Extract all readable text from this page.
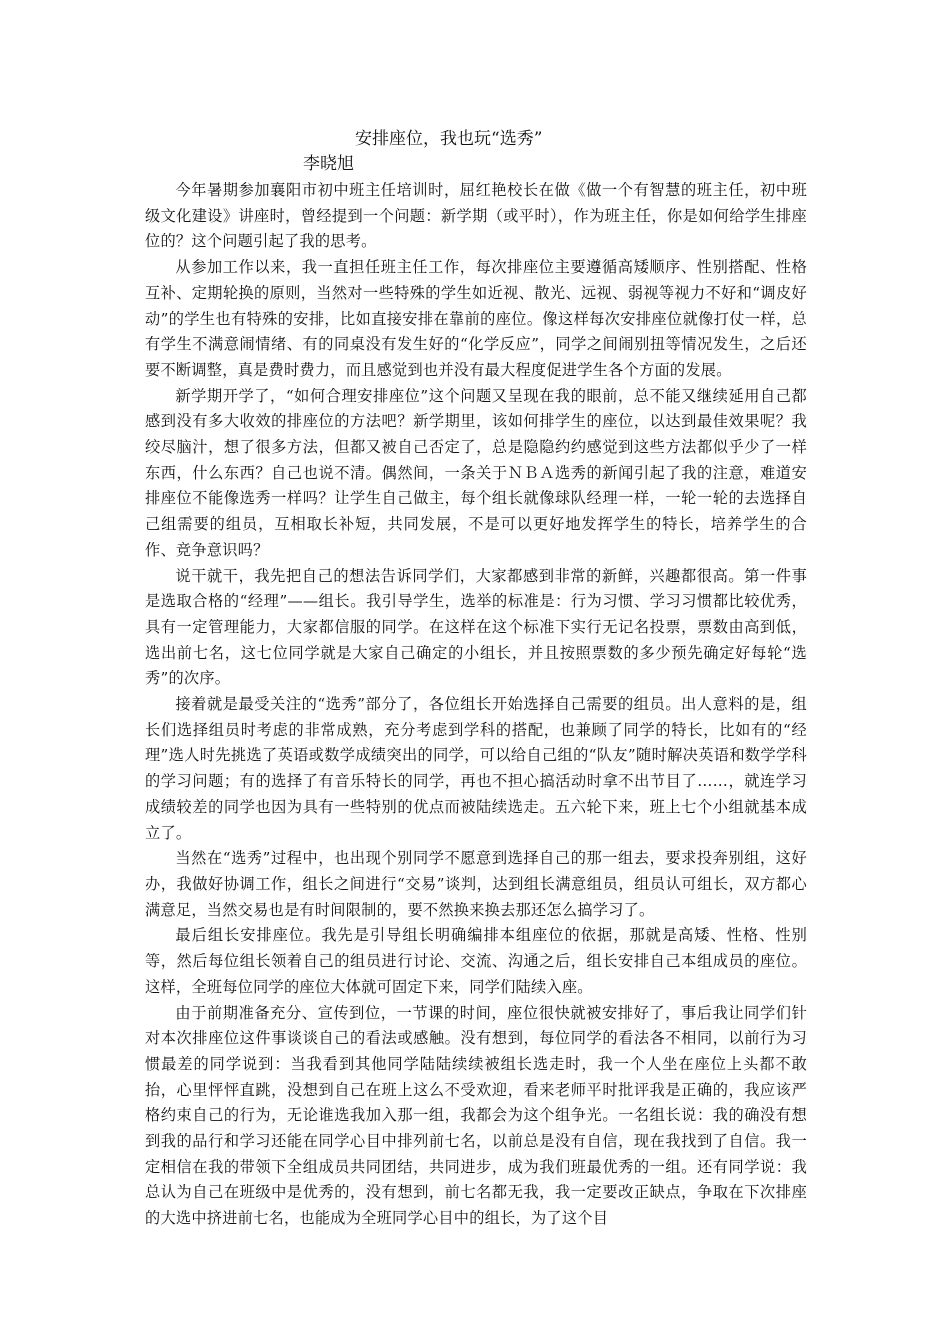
安排座位，我也玩“选秀”
李晓旭

今年暑期参加襄阳市初中班主任培训时，屈红艳校长在做《做一个有智慧的班主任，初中班级文化建设》讲座时，曾经提到一个问题：新学期（或平时），作为班主任，你是如何给学生排座位的？这个问题引起了我的思考。

从参加工作以来，我一直担任班主任工作，每次排座位主要遵循高矮顺序、性别搭配、性格互补、定期轮换的原则，当然对一些特殊的学生如近视、散光、远视、弱视等视力不好和“调皮好动”的学生也有特殊的安排，比如直接安排在靠前的座位。像这样每次安排座位就像打仗一样，总有学生不满意闹情绪、有的同桌没有发生好的“化学反应”，同学之间闹别扭等情况发生，之后还要不断调整，真是费时费力，而且感觉到也并没有最大程度促进学生各个方面的发展。

新学期开学了，“如何合理安排座位”这个问题又呈现在我的眼前，总不能又继续延用自己都感到没有多大收效的排座位的方法吧？新学期里，该如何排学生的座位，以达到最佳效果呢？我绞尽脑汁，想了很多方法，但都又被自己否定了，总是隐隐约约感觉到这些方法都似乎少了一样东西，什么东西？自己也说不清。偶然间，一条关于ＮＢＡ选秀的新闻引起了我的注意，难道安排座位不能像选秀一样吗？让学生自己做主，每个组长就像球队经理一样，一轮一轮的去选择自己组需要的组员，互相取长补短，共同发展，不是可以更好地发挥学生的特长，培养学生的合作、竞争意识吗？

说干就干，我先把自己的想法告诉同学们，大家都感到非常的新鲜，兴趣都很高。第一件事是选取合格的“经理”——组长。我引导学生，选举的标准是：行为习惯、学习习惯都比较优秀，具有一定管理能力，大家都信服的同学。在这样在这个标准下实行无记名投票，票数由高到低，选出前七名，这七位同学就是大家自己确定的小组长，并且按照票数的多少预先确定好每轮“选秀”的次序。

接着就是最受关注的“选秀”部分了，各位组长开始选择自己需要的组员。出人意料的是，组长们选择组员时考虑的非常成熟，充分考虑到学科的搭配，也兼顾了同学的特长，比如有的“经理”选人时先挑选了英语或数学成绩突出的同学，可以给自己组的“队友”随时解决英语和数学学科的学习问题；有的选择了有音乐特长的同学，再也不担心搞活动时拿不出节目了……，就连学习成绩较差的同学也因为具有一些特别的优点而被陆续选走。五六轮下来，班上七个小组就基本成立了。

当然在“选秀”过程中，也出现个别同学不愿意到选择自己的那一组去，要求投奔别组，这好办，我做好协调工作，组长之间进行“交易”谈判，达到组长满意组员，组员认可组长，双方都心满意足，当然交易也是有时间限制的，要不然换来换去那还怎么搞学习了。

最后组长安排座位。我先是引导组长明确编排本组座位的依据，那就是高矮、性格、性别等，然后每位组长领着自己的组员进行讨论、交流、沟通之后，组长安排自己本组成员的座位。这样，全班每位同学的座位大体就可固定下来，同学们陆续入座。

由于前期准备充分、宣传到位，一节课的时间，座位很快就被安排好了，事后我让同学们针对本次排座位这件事谈谈自己的看法或感触。没有想到，每位同学的看法各不相同，以前行为习惯最差的同学说到：当我看到其他同学陆陆续续被组长选走时，我一个人坐在座位上头都不敢抬，心里怦怦直跳，没想到自己在班上这么不受欢迎，看来老师平时批评我是正确的，我应该严格约束自己的行为，无论谁选我加入那一组，我都会为这个组争光。一名组长说：我的确没有想到我的品行和学习还能在同学心目中排列前七名，以前总是没有自信，现在我找到了自信。我一定相信在我的带领下全组成员共同团结，共同进步，成为我们班最优秀的一组。还有同学说：我总认为自己在班级中是优秀的，没有想到，前七名都无我，我一定要改正缺点，争取在下次排座的大选中挤进前七名，也能成为全班同学心目中的组长，为了这个目
